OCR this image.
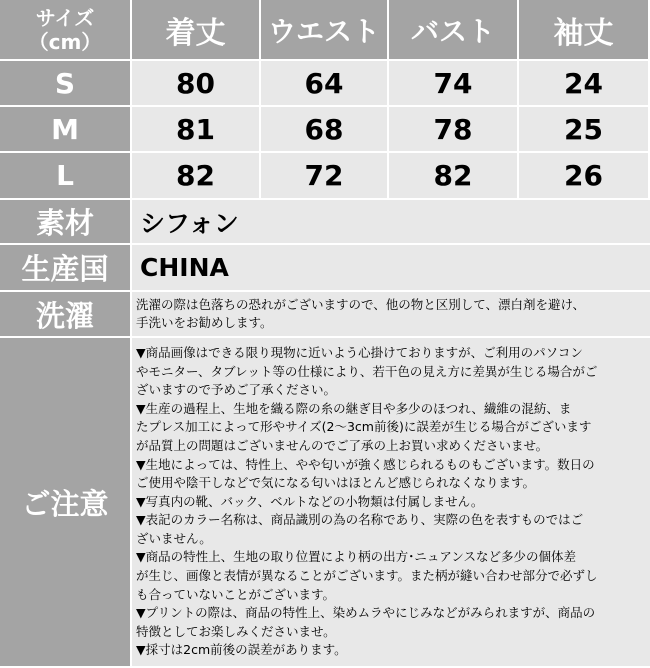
サイズ
（cm）	着丈	ウエスト	バスト	袖丈
S	80	64	74	24
M	81	68	78	25
L	82	72	82	26
素材	シフォン
生産国	CHINA
洗濯	洗濯の際は色落ちの恐れがございますので、他の物と区別して、漂白剤を避け、
手洗いをお勧めします。

ご注意

▼商品画像はできる限り現物に近いよう心掛けておりますが、ご利用のパソコン
やモニター、タブレット等の仕様により、若干色の見え方に差異が生じる場合がご
ざいますので予めご了承ください。

▼生産の過程上、生地を織る際の糸の継ぎ目や多少のほつれ、繊維の混紡、ま
たプレス加工によって形やサイズ(2〜3cm前後)に誤差が生じる場合がございます
が品質上の問題はございませんのでご了承の上お買い求めくださいませ。

▼生地によっては、特性上、やや匂いが強く感じられるものもございます。数日の
ご使用や陰干しなどで気になる匂いはほとんど感じられなくなります。

▼写真内の靴、バック、ベルトなどの小物類は付属しません。

▼表記のカラー名称は、商品識別の為の名称であり、実際の色を表すものではご
ざいません。

▼商品の特性上、生地の取り位置により柄の出方･ニュアンスなど多少の個体差
が生じ、画像と表情が異なることがございます。また柄が縫い合わせ部分で必ずし
も合っていないことがございます。

▼プリントの際は、商品の特性上、染めムラやにじみなどがみられますが、商品の
特徴としてお楽しみくださいませ。

▼採寸は2cm前後の誤差があります。
